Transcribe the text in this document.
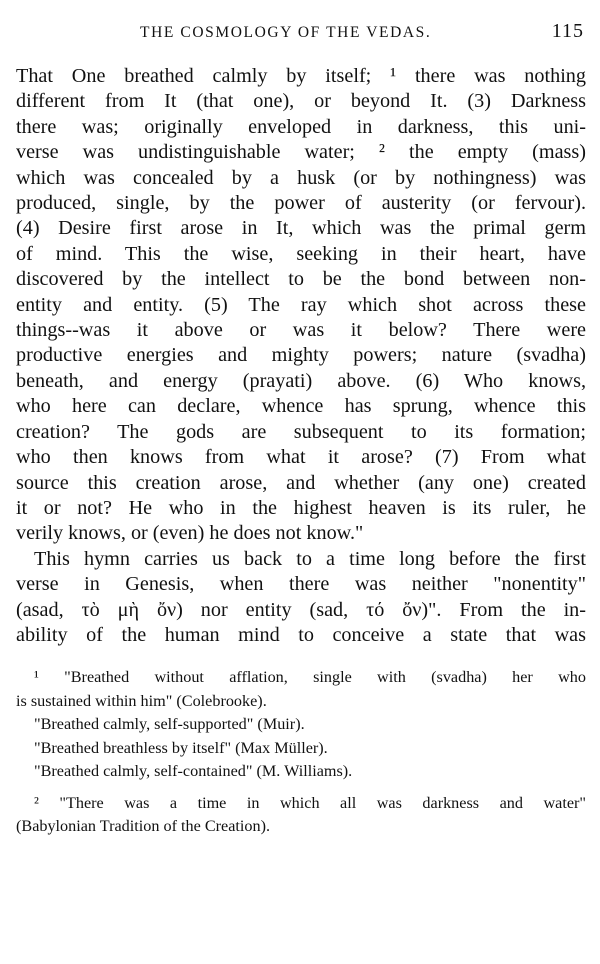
THE COSMOLOGY OF THE VEDAS.	115
That One breathed calmly by itself; ¹ there was nothing
different from It (that one), or beyond It. (3) Darkness
there was; originally enveloped in darkness, this uni-
verse was undistinguishable water; ² the empty (mass)
which was concealed by a husk (or by nothingness) was
produced, single, by the power of austerity (or fervour).
(4) Desire first arose in It, which was the primal germ
of mind. This the wise, seeking in their heart, have
discovered by the intellect to be the bond between non-
entity and entity. (5) The ray which shot across these
things--was it above or was it below? There were
productive energies and mighty powers; nature (svadha)
beneath, and energy (prayati) above. (6) Who knows,
who here can declare, whence has sprung, whence this
creation? The gods are subsequent to its formation;
who then knows from what it arose? (7) From what
source this creation arose, and whether (any one) created
it or not? He who in the highest heaven is its ruler, he
verily knows, or (even) he does not know."
This hymn carries us back to a time long before the first
verse in Genesis, when there was neither "nonentity"
(asad, τὸ μὴ ὄν) nor entity (sad, τό ὄν)". From the in-
ability of the human mind to conceive a state that was
¹ "Breathed without afflation, single with (svadha) her who
is sustained within him" (Colebrooke).
"Breathed calmly, self-supported" (Muir).
"Breathed breathless by itself" (Max Müller).
"Breathed calmly, self-contained" (M. Williams).
² "There was a time in which all was darkness and water"
(Babylonian Tradition of the Creation).
